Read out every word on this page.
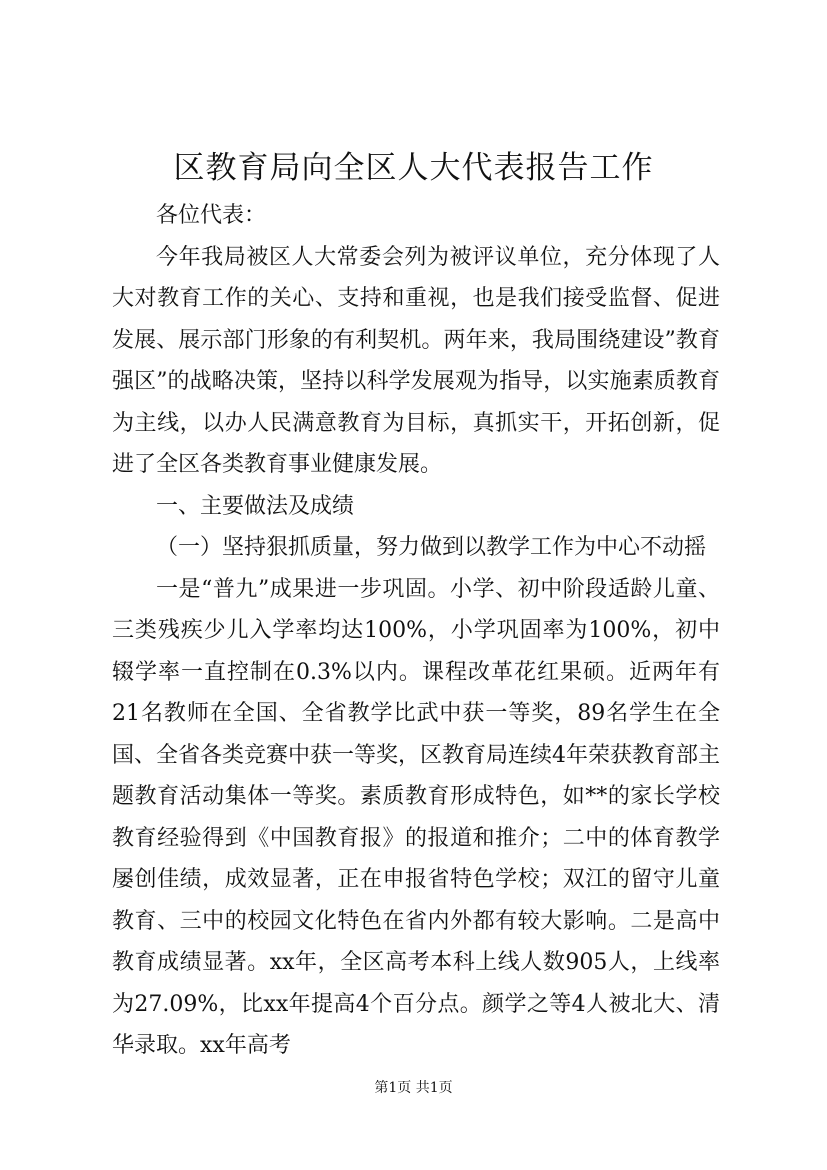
区教育局向全区人大代表报告工作

各位代表：

今年我局被区人大常委会列为被评议单位，充分体现了人大对教育工作的关心、支持和重视，也是我们接受监督、促进发展、展示部门形象的有利契机。两年来，我局围绕建设”教育强区”的战略决策，坚持以科学发展观为指导，以实施素质教育为主线，以办人民满意教育为目标，真抓实干，开拓创新，促进了全区各类教育事业健康发展。

一、主要做法及成绩

（一）坚持狠抓质量，努力做到以教学工作为中心不动摇

一是“普九”成果进一步巩固。小学、初中阶段适龄儿童、三类残疾少儿入学率均达100%，小学巩固率为100%，初中辍学率一直控制在0.3%以内。课程改革花红果硕。近两年有21名教师在全国、全省教学比武中获一等奖，89名学生在全国、全省各类竞赛中获一等奖，区教育局连续4年荣获教育部主题教育活动集体一等奖。素质教育形成特色，如**的家长学校教育经验得到《中国教育报》的报道和推介；二中的体育教学屡创佳绩，成效显著，正在申报省特色学校；双江的留守儿童教育、三中的校园文化特色在省内外都有较大影响。二是高中教育成绩显著。xx年，全区高考本科上线人数905人，上线率为27.09%，比xx年提高4个百分点。颜学之等4人被北大、清华录取。xx年高考

第1页 共1页
